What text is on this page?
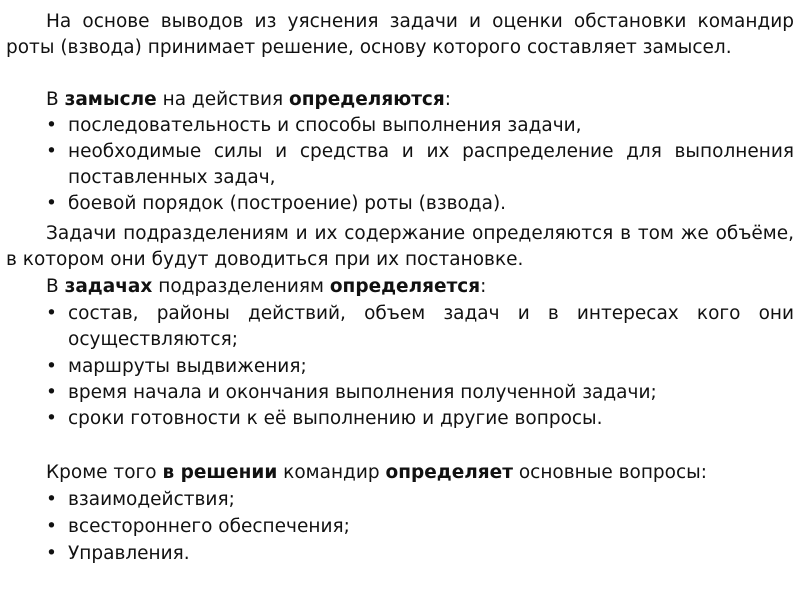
На основе выводов из уяснения задачи и оценки обстановки командир роты (взвода) принимает решение, основу которого составляет замысел.

В замысле на действия определяются:

• последовательность и способы выполнения задачи,
• необходимые силы и средства и их распределение для выполнения поставленных задач,
• боевой порядок (построение) роты (взвода).

Задачи подразделениям и их содержание определяются в том же объёме, в котором они будут доводиться при их постановке.

В задачах подразделениям определяется:

• состав, районы действий, объем задач и в интересах кого они осуществляются;
• маршруты выдвижения;
• время начала и окончания выполнения полученной задачи;
• сроки готовности к её выполнению и другие вопросы.

Кроме того в решении командир определяет основные вопросы:

• взаимодействия;
• всестороннего обеспечения;
• Управления.
